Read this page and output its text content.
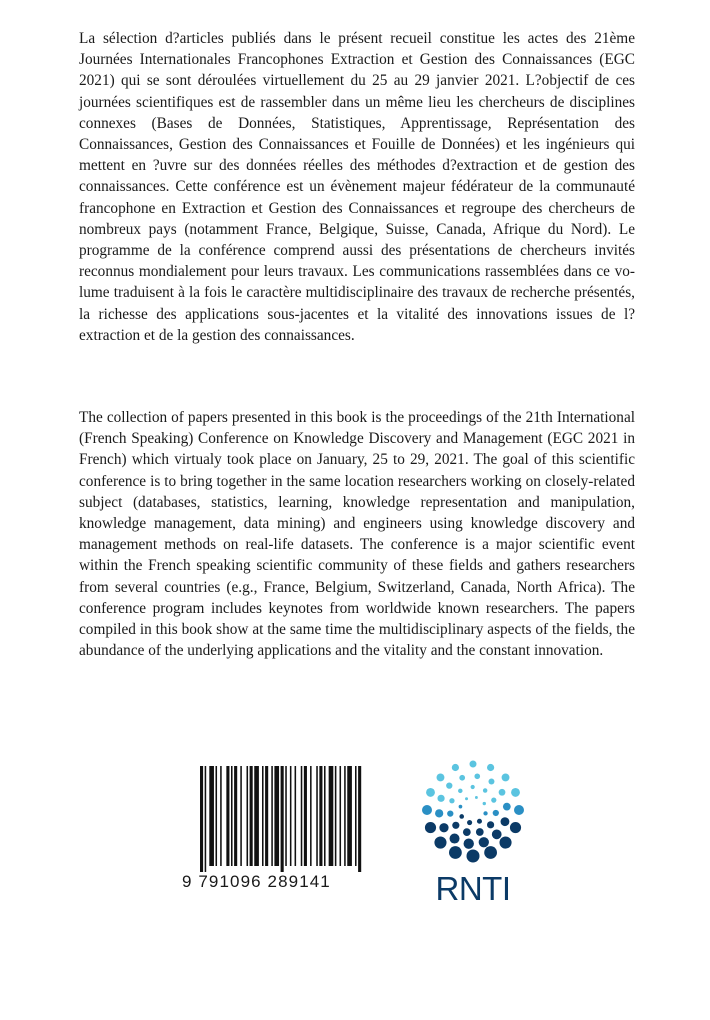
La sélection d?articles publiés dans le présent recueil constitue les actes des 21ème Journées Internationales Francophones Extraction et Gestion des Connaissances (EGC 2021) qui se sont déroulées virtuellement du 25 au 29 janvier 2021. L?objectif de ces journées scientifiques est de rassembler dans un même lieu les chercheurs de disciplines connexes (Bases de Données, Statistiques, Apprentissage, Représentation des Connaissances, Gestion des Connaissances et Fouille de Données) et les ingénieurs qui mettent en ?uvre sur des données réelles des méthodes d?extraction et de gestion des connaissances. Cette conférence est un évènement majeur fédérateur de la communauté francophone en Extraction et Gestion des Connaissances et regroupe des chercheurs de nombreux pays (notamment France, Belgique, Suisse, Canada, Afrique du Nord). Le programme de la conférence comprend aussi des présentations de chercheurs invités reconnus mondialement pour leurs travaux. Les communications rassemblées dans ce volume traduisent à la fois le caractère multidisciplinaire des travaux de recherche présentés, la richesse des applications sous-jacentes et la vitalité des innovations issues de l?extraction et de la gestion des connaissances.

The collection of papers presented in this book is the proceedings of the 21th International (French Speaking) Conference on Knowledge Discovery and Management (EGC 2021 in French) which virtualy took place on January, 25 to 29, 2021. The goal of this scientific conference is to bring together in the same location researchers working on closely-related subject (databases, statistics, learning, knowledge representation and manipulation, knowledge management, data mining) and engineers using knowledge discovery and management methods on real-life datasets. The conference is a major scientific event within the French speaking scientific community of these fields and gathers researchers from several countries (e.g., France, Belgium, Switzerland, Canada, North Africa). The conference program includes keynotes from worldwide known researchers. The papers compiled in this book show at the same time the multidisciplinary aspects of the fields, the abundance of the underlying applications and the vitality and the constant innovation.

9 791096 289141	RNTI
